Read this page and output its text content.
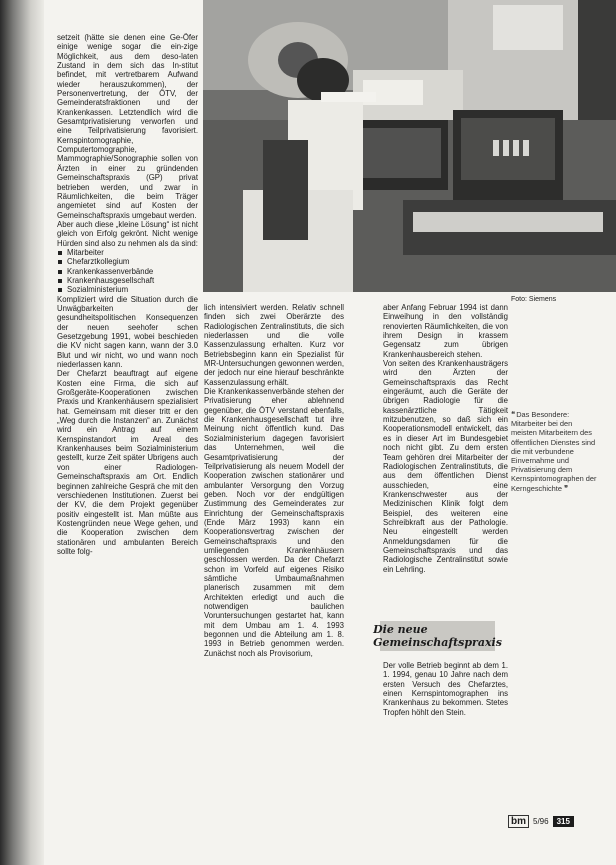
Foto: Siemens

setzeit (hätte sie denen eine Ge-Öfer einige wenige sogar die ein-zige Möglichkeit, aus dem deso-laten Zustand in dem sich das In-stitut befindet, mit vertretbarem Aufwand wieder herauszukommen), der Personenvertretung, der ÖTV, der Gemeinderatsfraktionen und der Krankenkassen. Letztendlich wird die Gesamtprivatisierung verworfen und eine Teilprivatisierung favorisiert. Kernspintomographie, Computertomographie, Mammographie/Sonographie sollen von Ärzten in einer zu gründenden Gemeinschaftspraxis (GP) privat betrieben werden, und zwar in Räumlichkeiten, die beim Träger angemietet sind auf Kosten der Gemeinschaftspraxis umgebaut werden.

Aber auch diese „kleine Lösung“ ist nicht gleich von Erfolg gekrönt. Nicht wenige Hürden sind also zu nehmen als da sind:

Mitarbeiter
Chefarztkollegium
Krankenkassenverbände
Krankenhausgesellschaft
Sozialministerium

Kompliziert wird die Situation durch die Unwägbarkeiten der gesundheitspolitischen Konsequenzen der neuen seehofer schen Gesetzgebung 1991, wobei beschieden die KV nicht sagen kann, wann der 3.0 Blut und wir nicht, wo und wann noch niederlassen kann.

Der Chefarzt beauftragt auf eigene Kosten eine Firma, die sich auf Großgeräte-Kooperationen zwischen Praxis und Krankenhäusern spezialisiert hat. Gemeinsam mit dieser tritt er den „Weg durch die Instanzen“ an. Zunächst wird ein Antrag auf einem Kernspinstandort im Areal des Krankenhauses beim Sozialministerium gestellt, kurze Zeit später Ubrigens auch von einer Radiologen-Gemeinschaftspraxis am Ort. Endlich beginnen zahlreiche Gesprä che mit den verschiedenen Institutionen. Zuerst bei der KV, die dem Projekt gegenüber positiv eingestellt ist. Man müßte aus Kostengründen neue Wege gehen, und die Kooperation zwischen dem stationären und ambulanten Bereich sollte folg-

lich intensiviert werden. Relativ schnell finden sich zwei Oberärzte des Radiologischen Zentralinstituts, die sich niederlassen und die volle Kassenzulassung erhalten. Kurz vor Betriebsbeginn kann ein Spezialist für MR-Untersuchungen gewonnen werden, der jedoch nur eine hierauf beschränkte Kassenzulassung erhält.

Die Krankenkassenverbände stehen der Privatisierung eher ablehnend gegenüber, die ÖTV verstand ebenfalls, die Krankenhausgesellschaft tut ihre Meinung nicht öffentlich kund. Das Sozialministerium dagegen favorisiert das Unternehmen, weil die Gesamtprivatisierung der Teilprivatisierung als neuem Modell der Kooperation zwischen stationärer und ambulanter Versorgung den Vorzug geben. Noch vor der endgültigen Zustimmung des Gemeinderates zur Einrichtung der Gemeinschaftspraxis (Ende März 1993) kann ein Kooperationsvertrag zwischen der Gemeinschaftspraxis und den umliegenden Krankenhäusern geschlossen werden. Da der Chefarzt schon im Vorfeld auf eigenes Risiko sämtliche Umbaumaßnahmen planerisch zusammen mit dem Architekten erledigt und auch die notwendigen baulichen Voruntersuchungen gestartet hat, kann mit dem Umbau am 1. 4. 1993 begonnen und die Abteilung am 1. 8. 1993 in Betrieb genommen werden. Zunächst noch als Provisorium,

aber Anfang Februar 1994 ist dann Einweihung in den vollständig renovierten Räumlichkeiten, die von ihrem Design in krassem Gegensatz zum übrigen Krankenhausbereich stehen.

Von seiten des Krankenhausträgers wird den Ärzten der Gemeinschaftspraxis das Recht eingeräumt, auch die Geräte der übrigen Radiologie für die kassenärztliche Tätigkeit mitzubenutzen, so daß sich ein Kooperationsmodell entwickelt, das es in dieser Art im Bundesgebiet noch nicht gibt. Zu dem ersten Team gehören drei Mitarbeiter der Radiologischen Zentralinstituts, die aus dem öffentlichen Dienst ausschieden, eine Krankenschwester aus der Medizinischen Klinik folgt dem Beispiel, des weiteren eine Schreibkraft aus der Pathologie. Neu eingestellt werden Anmeldungsdamen für die Gemeinschaftspraxis und das Radiologische Zentralinstitut sowie ein Lehrling.

❛❛ Das Besondere: Mitarbeiter bei den meisten Mitarbeitern des öffentlichen Dienstes sind die mit verbundene Einvernahme und Privatisierung dem Kernspintomographen der Kerngeschichte ❜❜
Die neue Gemeinschaftspraxis

Der volle Betrieb beginnt ab dem 1. 1. 1994, genau 10 Jahre nach dem ersten Versuch des Chefarztes, einen Kernspintomographen ins Krankenhaus zu bekommen. Stetes Tropfen höhlt den Stein.

bm 5/96	315
